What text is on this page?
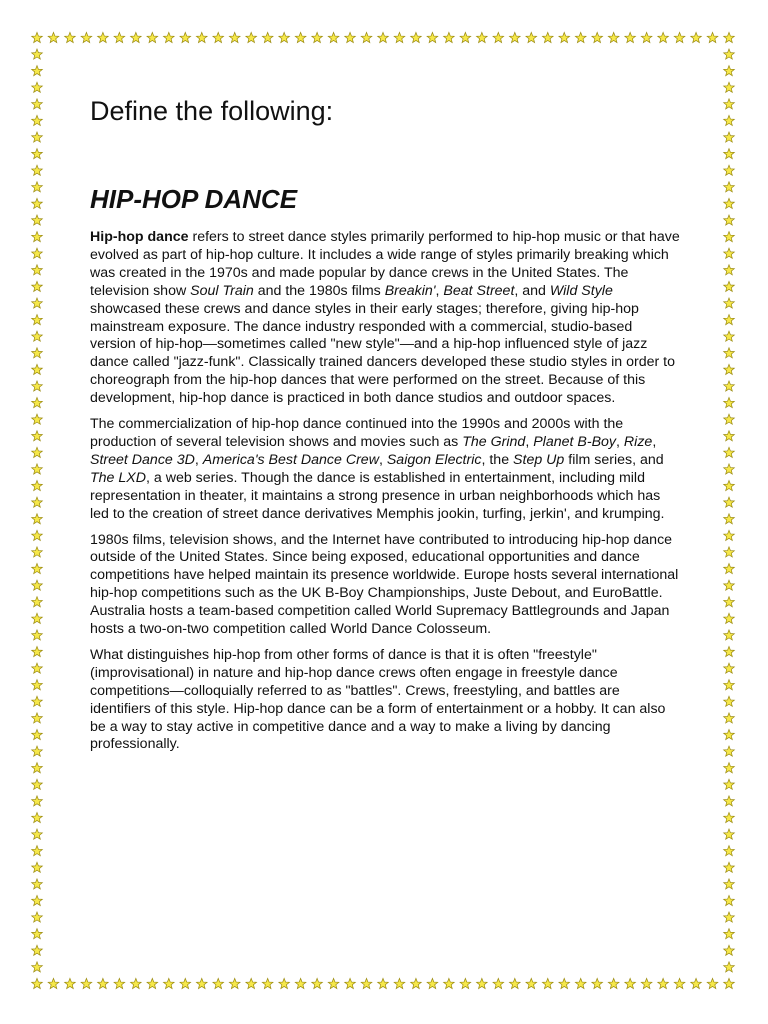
Define the following:
HIP-HOP DANCE

Hip-hop dance refers to street dance styles primarily performed to hip-hop music or that have evolved as part of hip-hop culture. It includes a wide range of styles primarily breaking which was created in the 1970s and made popular by dance crews in the United States. The television show Soul Train and the 1980s films Breakin', Beat Street, and Wild Style showcased these crews and dance styles in their early stages; therefore, giving hip-hop mainstream exposure. The dance industry responded with a commercial, studio-based version of hip-hop—sometimes called "new style"—and a hip-hop influenced style of jazz dance called "jazz-funk". Classically trained dancers developed these studio styles in order to choreograph from the hip-hop dances that were performed on the street. Because of this development, hip-hop dance is practiced in both dance studios and outdoor spaces.

The commercialization of hip-hop dance continued into the 1990s and 2000s with the production of several television shows and movies such as The Grind, Planet B-Boy, Rize, Street Dance 3D, America's Best Dance Crew, Saigon Electric, the Step Up film series, and The LXD, a web series. Though the dance is established in entertainment, including mild representation in theater, it maintains a strong presence in urban neighborhoods which has led to the creation of street dance derivatives Memphis jookin, turfing, jerkin', and krumping.

1980s films, television shows, and the Internet have contributed to introducing hip-hop dance outside of the United States. Since being exposed, educational opportunities and dance competitions have helped maintain its presence worldwide. Europe hosts several international hip-hop competitions such as the UK B-Boy Championships, Juste Debout, and EuroBattle. Australia hosts a team-based competition called World Supremacy Battlegrounds and Japan hosts a two-on-two competition called World Dance Colosseum.

What distinguishes hip-hop from other forms of dance is that it is often "freestyle" (improvisational) in nature and hip-hop dance crews often engage in freestyle dance competitions—colloquially referred to as "battles". Crews, freestyling, and battles are identifiers of this style. Hip-hop dance can be a form of entertainment or a hobby. It can also be a way to stay active in competitive dance and a way to make a living by dancing professionally.
